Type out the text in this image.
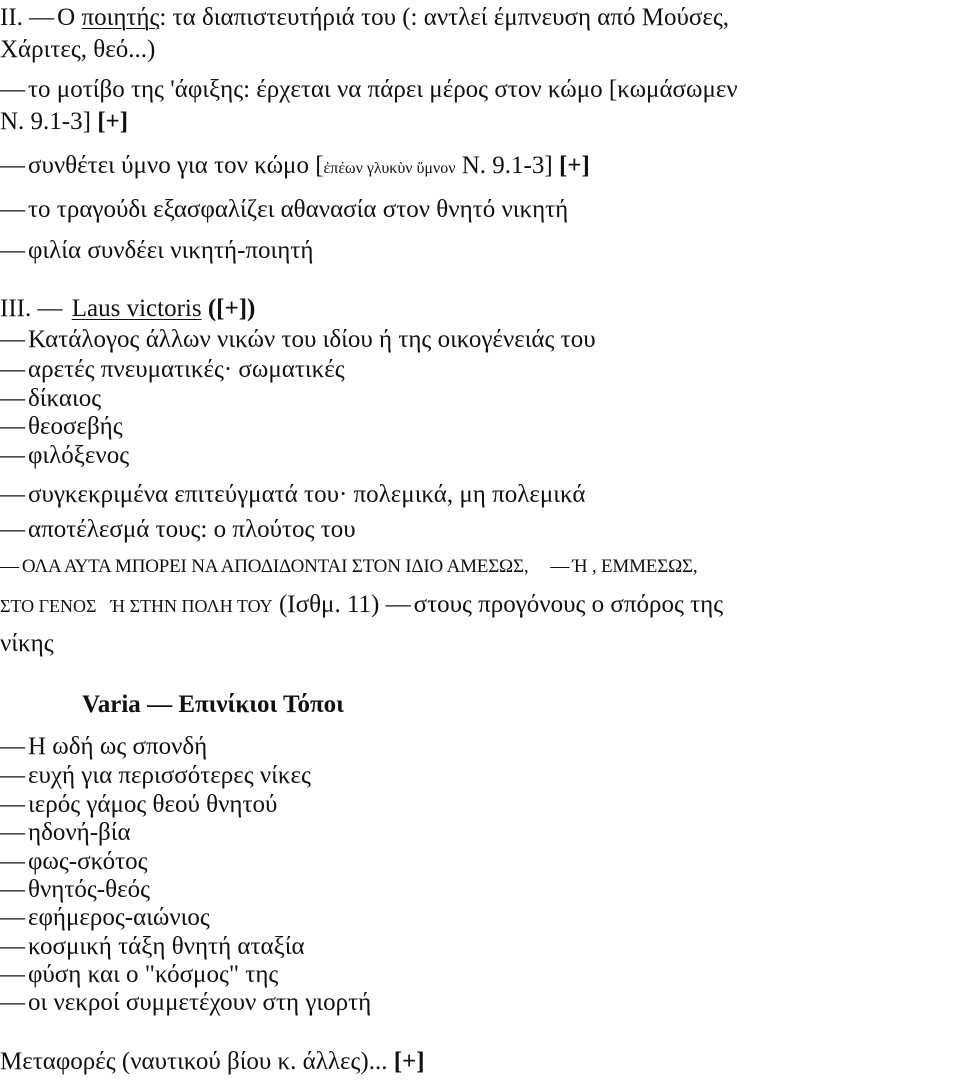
II. — Ο ποιητής: τα διαπιστευτήριά του (: αντλεί έμπνευση από Μούσες,
Χάριτες, θεό...)
— το μοτίβο της 'άφιξης: έρχεται να πάρει μέρος στον κώμο [κωμάσωμεν
Ν. 9.1-3] [+]
— συνθέτει ύμνο για τον κώμο [ἐπέων γλυκὺν ὕμνον Ν. 9.1-3] [+]
— το τραγούδι εξασφαλίζει αθανασία στον θνητό νικητή
— φιλία συνδέει νικητή-ποιητή
ΙΙΙ. — Laus victoris ([+])
— Κατάλογος άλλων νικών του ιδίου ή της οικογένειάς του
— αρετές πνευματικές· σωματικές
— δίκαιος
— θεοσεβής
— φιλόξενος
— συγκεκριμένα επιτεύγματά του· πολεμικά, μη πολεμικά
— αποτέλεσμά τους: ο πλούτος του
— ΟΛΑ ΑΥΤΑ ΜΠΟΡΕΙ ΝΑ ΑΠΟΔΙΔΟΝΤΑΙ ΣΤΟΝ ΙΔΙΟ ΑΜΕΣΩΣ, — Ή , ΕΜΜΕΣΩΣ,
ΣΤΟ ΓΕΝΟΣ Ή ΣΤΗΝ ΠΟΛΗ ΤΟΥ (Ισθμ. 11) — στους προγόνους ο σπόρος της
νίκης
Varia — Επινίκιοι Τόποι
— Η ωδή ως σπονδή
— ευχή για περισσότερες νίκες
— ιερός γάμος θεού θνητού
— ηδονή-βία
— φως-σκότος
— θνητός-θεός
— εφήμερος-αιώνιος
— κοσμική τάξη θνητή αταξία
— φύση και ο "κόσμος" της
— οι νεκροί συμμετέχουν στη γιορτή
Μεταφορές (ναυτικού βίου κ. άλλες)... [+]
